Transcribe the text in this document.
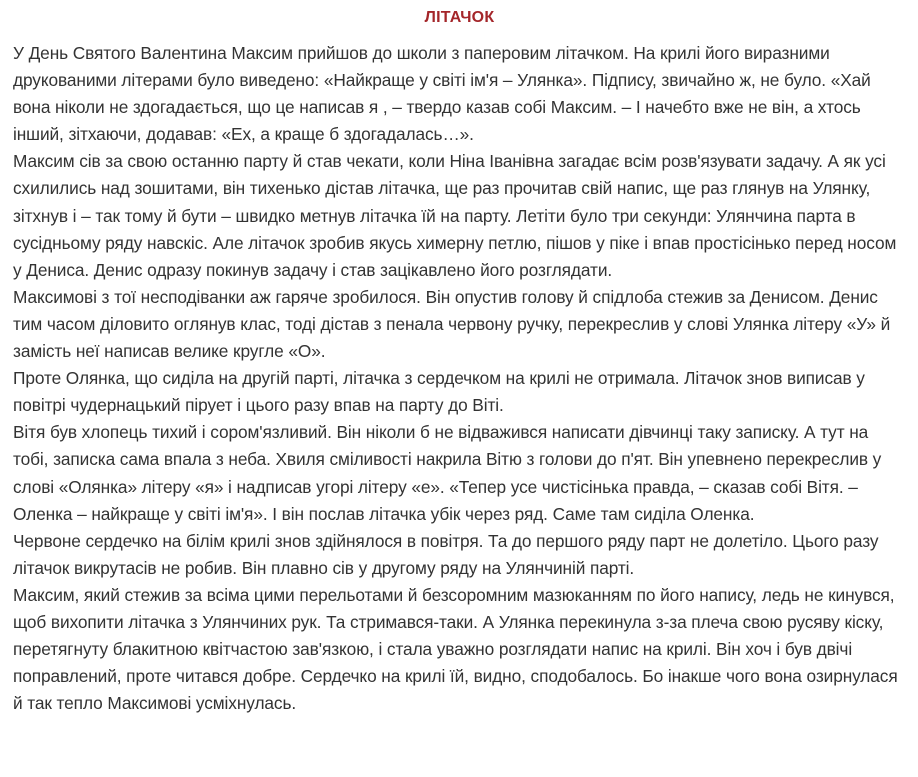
ЛІТАЧОК

У День Святого Валентина Максим прийшов до школи з паперовим літачком. На крилі його виразними друкованими літерами було виведено: «Найкраще у світі ім'я – Улянка». Підпису, звичайно ж, не було. «Хай вона ніколи не здогадається, що це написав я , – твердо казав собі Максим. – І начебто вже не він, а хтось інший, зітхаючи, додавав: «Ех, а краще б здогадалась…».

Максим сів за свою останню парту й став чекати, коли Ніна Іванівна загадає всім розв'язувати задачу. А як усі схилились над зошитами, він тихенько дістав літачка, ще раз прочитав свій напис, ще раз глянув на Улянку, зітхнув і – так тому й бути – швидко метнув літачка їй на парту. Летіти було три секунди: Улянчина парта в сусідньому ряду навскіс. Але літачок зробив якусь химерну петлю, пішов у піке і впав простісінько перед носом у Дениса. Денис одразу покинув задачу і став зацікавлено його розглядати.

Максимові з тої несподіванки аж гаряче зробилося. Він опустив голову й спідлоба стежив за Денисом. Денис тим часом діловито оглянув клас, тоді дістав з пенала червону ручку, перекреслив у слові Улянка літеру «У» й замість неї написав велике кругле «О».

Проте Олянка, що сиділа на другій парті, літачка з сердечком на крилі не отримала. Літачок знов виписав у повітрі чудернацький пірует і цього разу впав на парту до Віті.

Вітя був хлопець тихий і сором'язливий. Він ніколи б не відважився написати дівчинці таку записку. А тут на тобі, записка сама впала з неба. Хвиля сміливості накрила Вітю з голови до п'ят. Він упевнено перекреслив у слові «Олянка» літеру «я» і надписав угорі літеру «е». «Тепер усе чистісінька правда, – сказав собі Вітя. – Оленка – найкраще у світі ім'я». І він послав літачка убік через ряд. Саме там сиділа Оленка.

Червоне сердечко на білім крилі знов здійнялося в повітря. Та до першого ряду парт не долетіло. Цього разу літачок викрутасів не робив. Він плавно сів у другому ряду на Улянчиній парті.

Максим, який стежив за всіма цими перельотами й безсоромним мазюканням по його напису, ледь не кинувся, щоб вихопити літачка з Улянчиних рук. Та стримався-таки. А Улянка перекинула з-за плеча свою русяву кіску, перетягнуту блакитною квітчастою зав'язкою, і стала уважно розглядати напис на крилі. Він хоч і був двічі поправлений, проте читався добре. Сердечко на крилі їй, видно, сподобалось. Бо інакше чого вона озирнулася й так тепло Максимові усміхнулась.
